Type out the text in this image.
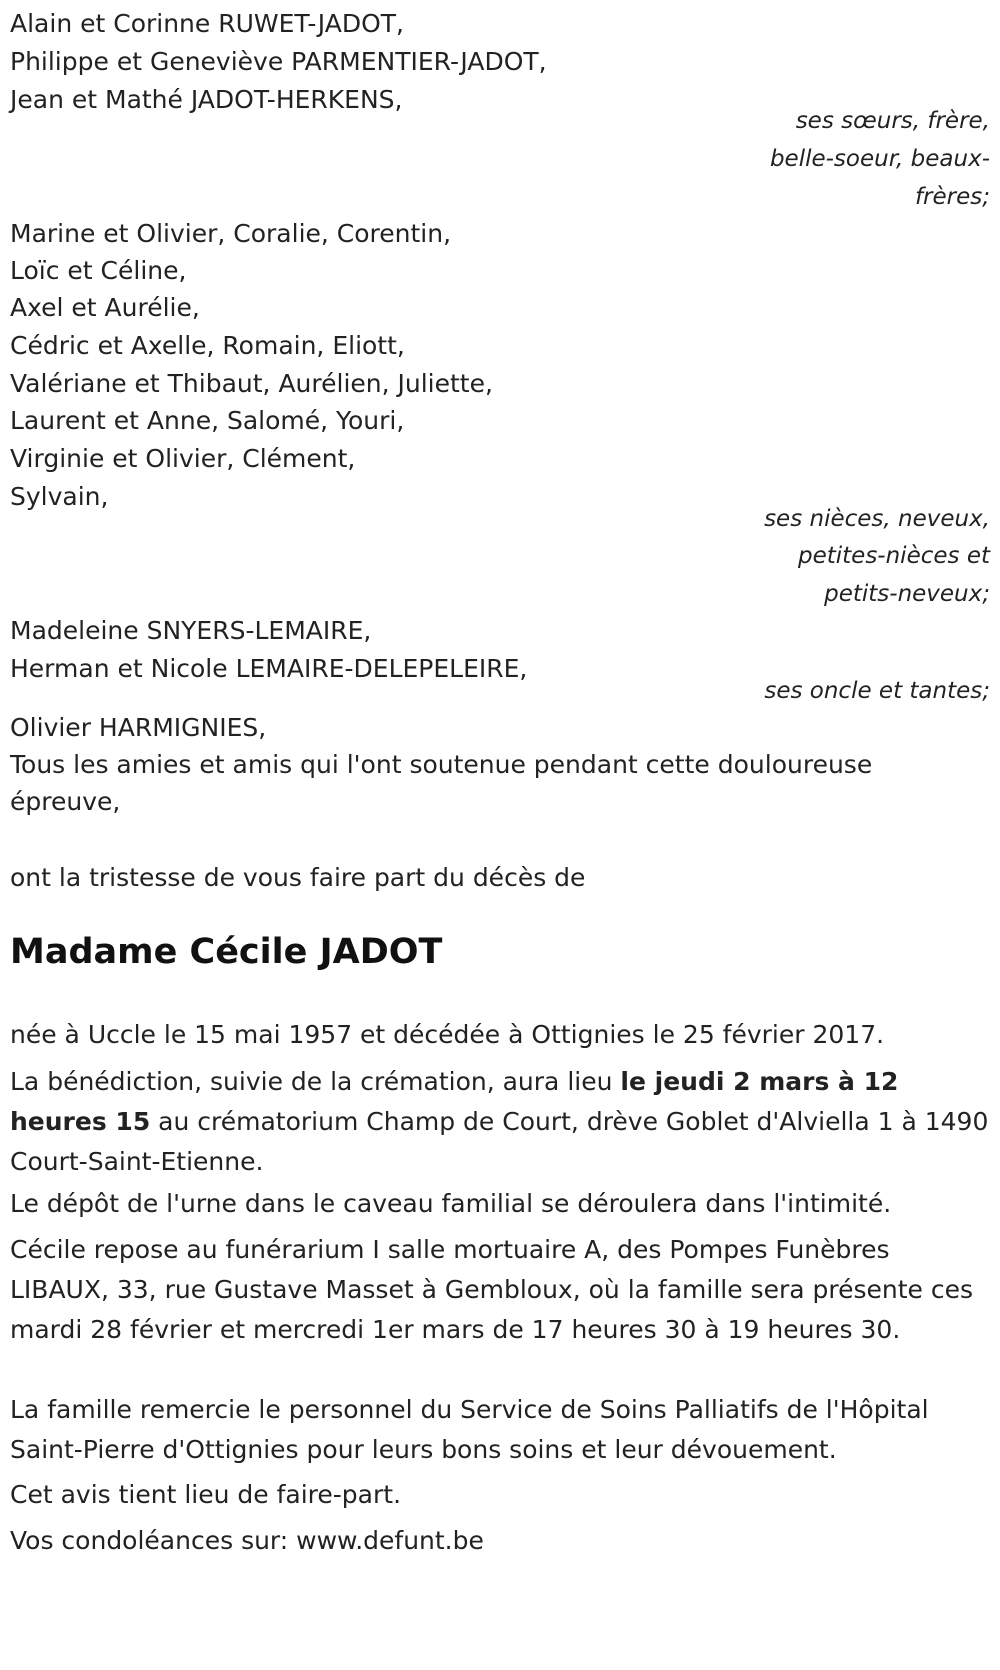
Alain et Corinne RUWET-JADOT,

Philippe et Geneviève PARMENTIER-JADOT,

Jean et Mathé JADOT-HERKENS,

ses sœurs, frère,

belle-soeur, beaux-

frères;

Marine et Olivier, Coralie, Corentin,

Loïc et Céline,

Axel et Aurélie,

Cédric et Axelle, Romain, Eliott,

Valériane et Thibaut, Aurélien, Juliette,

Laurent et Anne, Salomé, Youri,

Virginie et Olivier, Clément,

Sylvain,

ses nièces, neveux,

petites-nièces et

petits-neveux;

Madeleine SNYERS-LEMAIRE,

Herman et Nicole LEMAIRE-DELEPELEIRE,

ses oncle et tantes;

Olivier HARMIGNIES,

Tous les amies et amis qui l'ont soutenue pendant cette douloureuse

épreuve,

ont la tristesse de vous faire part du décès de

Madame Cécile JADOT

née à Uccle le 15 mai 1957 et décédée à Ottignies le 25 février 2017.

La bénédiction, suivie de la crémation, aura lieu le jeudi 2 mars à 12 heures 15 au crématorium Champ de Court, drève Goblet d'Alviella 1 à 1490 Court-Saint-Etienne.

Le dépôt de l'urne dans le caveau familial se déroulera dans l'intimité.

Cécile repose au funérarium I salle mortuaire A, des Pompes Funèbres LIBAUX, 33, rue Gustave Masset à Gembloux, où la famille sera présente ces mardi 28 février et mercredi 1er mars de 17 heures 30 à 19 heures 30.

La famille remercie le personnel du Service de Soins Palliatifs de l'Hôpital Saint-Pierre d'Ottignies pour leurs bons soins et leur dévouement.

Cet avis tient lieu de faire-part.

Vos condoléances sur: www.defunt.be
